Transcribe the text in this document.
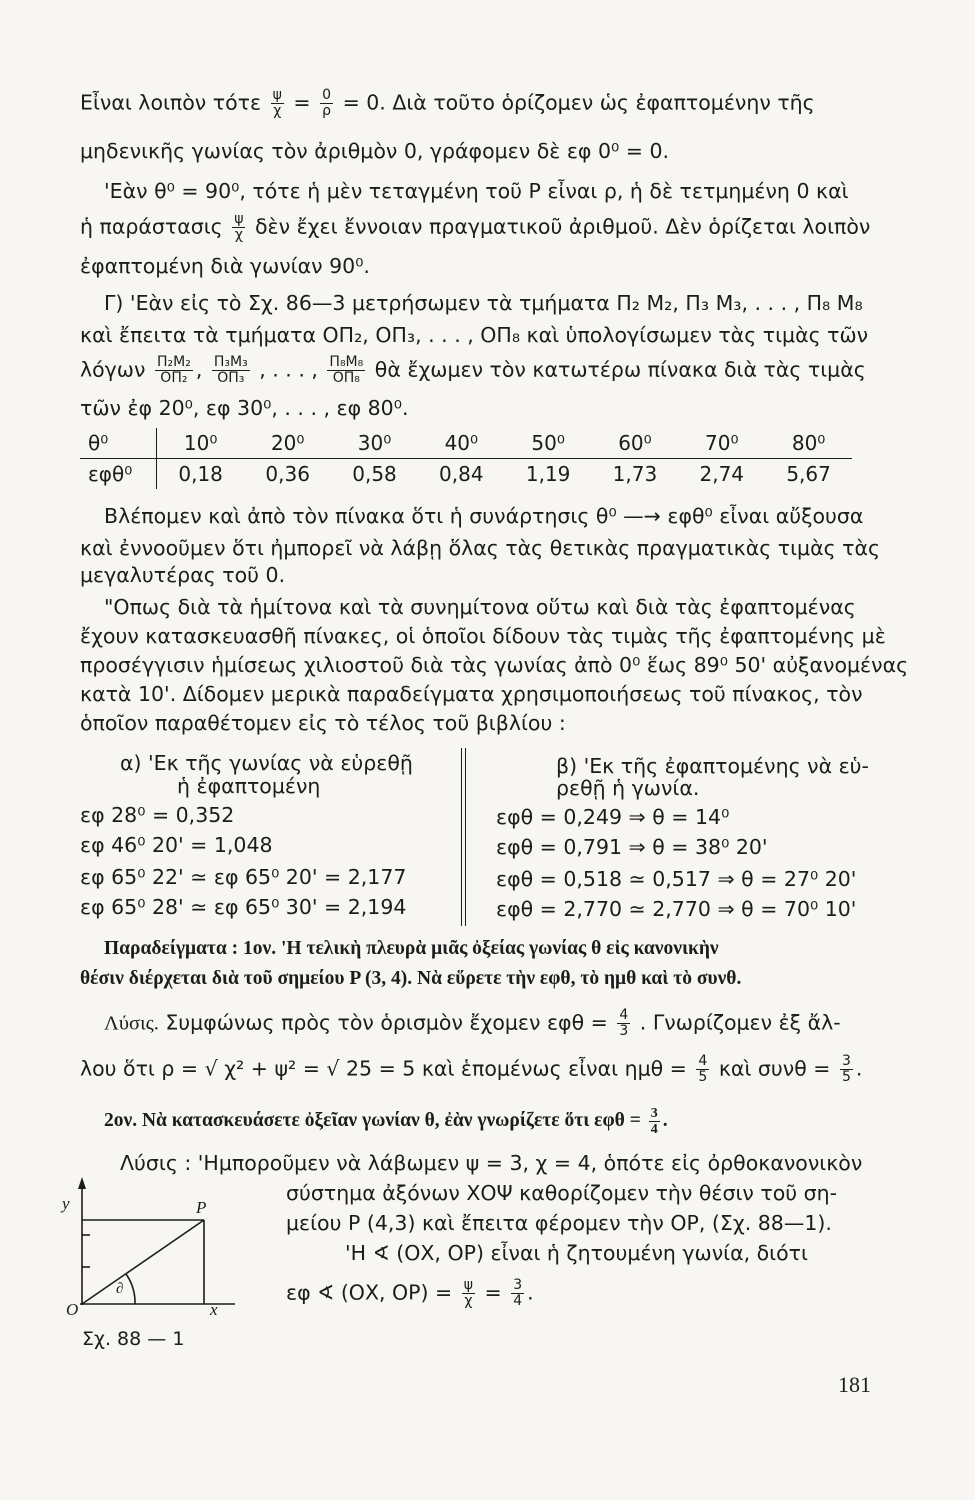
Εἶναι λοιπὸν τότε $\frac{\psi}{\chi} = \frac{0}{\rho} = 0$. Διὰ τοῦτο ὁρίζομεν ὡς ἐφαπτομένην τῆς
μηδενικῆς γωνίας τὸν ἀριθμὸν 0, γράφομεν δὲ εφ 0⁰ = 0.
'Εὰν θ⁰ = 90⁰, τότε ἡ μὲν τεταγμένη τοῦ Ρ εἶναι ρ, ἡ δὲ τετμημένη 0 καὶ
ἡ παράστασις $\frac{\psi}{\chi}$ δὲν ἔχει ἔννοιαν πραγματικοῦ ἀριθμοῦ. Δὲν ὁρίζεται λοιπὸν
ἐφαπτομένη διὰ γωνίαν 90⁰.
Γ) 'Εὰν εἰς τὸ Σχ. 86—3 μετρήσωμεν τὰ τμήματα Π₂ Μ₂, Π₃ Μ₃, . . . , Π₈ Μ₈
καὶ ἔπειτα τὰ τμήματα ΟΠ₂, ΟΠ₃, . . . , ΟΠ₈ καὶ ὑπολογίσωμεν τὰς τιμὰς τῶν
λόγων $\frac{\text{Π₂Μ₂}}{\text{ΟΠ₂}}$ , $\frac{\text{Π₃Μ₃}}{\text{ΟΠ₃}}$ , . . . , $\frac{\text{Π₈Μ₈}}{\text{ΟΠ₈}}$ θὰ ἔχωμεν τὸν κατωτέρω πίνακα διὰ τὰς τιμὰς
τῶν ἐφ 20⁰, εφ 30⁰, . . . , εφ 80⁰.
θ⁰	10⁰	20⁰	30⁰	40⁰	50⁰	60⁰	70⁰	80⁰
εφθ⁰	0,18	0,36	0,58	0,84	1,19	1,73	2,74	5,67
Βλέπομεν καὶ ἀπὸ τὸν πίνακα ὅτι ἡ συνάρτησις θ⁰ —→ εφθ⁰ εἶναι αὔξουσα
καὶ ἐννοοῦμεν ὅτι ἠμπορεῖ νὰ λάβῃ ὅλας τὰς θετικὰς πραγματικὰς τιμὰς τὰς
μεγαλυτέρας τοῦ 0.
"Οπως διὰ τὰ ἡμίτονα καὶ τὰ συνημίτονα οὕτω καὶ διὰ τὰς ἐφαπτομένας
ἔχουν κατασκευασθῆ πίνακες, οἱ ὁποῖοι δίδουν τὰς τιμὰς τῆς ἐφαπτομένης μὲ
προσέγγισιν ἡμίσεως χιλιοστοῦ διὰ τὰς γωνίας ἀπὸ 0⁰ ἕως 89⁰ 50' αὐξανομένας
κατὰ 10'. Δίδομεν μερικὰ παραδείγματα χρησιμοποιήσεως τοῦ πίνακος, τὸν
ὁποῖον παραθέτομεν εἰς τὸ τέλος τοῦ βιβλίου :
α) 'Εκ τῆς γωνίας νὰ εὑρεθῇ
ἡ ἐφαπτομένη
εφ 28⁰ = 0,352
εφ 46⁰ 20' = 1,048
εφ 65⁰ 22' ≃ εφ 65⁰ 20' = 2,177
εφ 65⁰ 28' ≃ εφ 65⁰ 30' = 2,194
β) 'Εκ τῆς ἐφαπτομένης νὰ εὑ-
ρεθῇ ἡ γωνία.
εφθ = 0,249 ⇒ θ = 14⁰
εφθ = 0,791 ⇒ θ = 38⁰ 20'
εφθ = 0,518 ≃ 0,517 ⇒ θ = 27⁰ 20'
εφθ = 2,770 ≃ 2,770 ⇒ θ = 70⁰ 10'
Παραδείγματα : 1ον. 'Η τελικὴ πλευρὰ μιᾶς ὀξείας γωνίας θ εἰς κανονικὴν
θέσιν διέρχεται διὰ τοῦ σημείου Ρ (3, 4). Νὰ εὕρετε τὴν εφθ, τὸ ημθ καὶ τὸ συνθ.
Λύσις. Συμφώνως πρὸς τὸν ὁρισμὸν ἔχομεν $\varepsilon\varphi\theta = \frac{4}{3}$ . Γνωρίζομεν ἐξ ἄλ-
λου ὅτι ρ = √ χ² + ψ² = √ 25 = 5 καὶ ἑπομένως εἶναι $\eta\mu\theta = \frac{4}{5}$ καὶ $\sigma\upsilon\nu\theta = \frac{3}{5}$ .
2ον. Νὰ κατασκευάσετε ὀξεῖαν γωνίαν θ, ἐὰν γνωρίζετε ὅτι $\varepsilon\varphi\theta = \frac{3}{4}$ .
Λύσις : 'Ημποροῦμεν νὰ λάβωμεν ψ = 3, χ = 4, ὁπότε εἰς ὀρθοκανονικὸν
σύστημα ἀξόνων ΧΟΨ καθορίζομεν τὴν θέσιν τοῦ ση-
μείου Ρ (4,3) καὶ ἔπειτα φέρομεν τὴν ΟΡ, (Σχ. 88—1).
'Η ∢ (ΟΧ, ΟΡ) εἶναι ἡ ζητουμένη γωνία, διότι
εφ ∢ (ΟΧ, $OP) = \frac{\psi}{\chi} = \frac{3}{4}$ .
y	P
O	x
∂
Σχ. 88 — 1
181
